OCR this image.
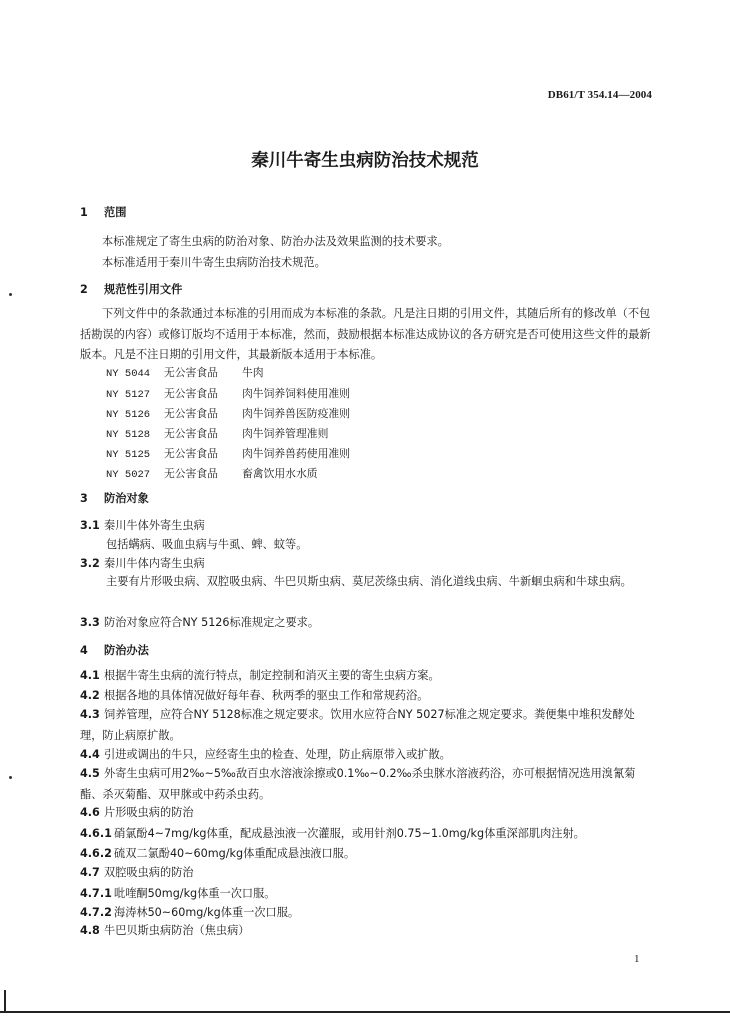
DB61/T 354.14—2004
秦川牛寄生虫病防治技术规范
1 范围
本标准规定了寄生虫病的防治对象、防治办法及效果监测的技术要求。
本标准适用于秦川牛寄生虫病防治技术规范。
2 规范性引用文件
下列文件中的条款通过本标准的引用而成为本标准的条款。凡是注日期的引用文件，其随后所有的修改单（不包括勘误的内容）或修订版均不适用于本标准，然而，鼓励根据本标准达成协议的各方研究是否可使用这些文件的最新版本。凡是不注日期的引用文件，其最新版本适用于本标准。
NY 5044 无公害食品 牛肉
NY 5127 无公害食品 肉牛饲养饲料使用准则
NY 5126 无公害食品 肉牛饲养兽医防疫准则
NY 5128 无公害食品 肉牛饲养管理准则
NY 5125 无公害食品 肉牛饲养兽药使用准则
NY 5027 无公害食品 畜禽饮用水水质
3 防治对象
3.1 秦川牛体外寄生虫病
包括螨病、吸血虫病与牛虱、蜱、蚊等。
3.2 秦川牛体内寄生虫病
主要有片形吸虫病、双腔吸虫病、牛巴贝斯虫病、莫尼茨绦虫病、消化道线虫病、牛新蛔虫病和牛球虫病。
3.3 防治对象应符合NY 5126标准规定之要求。
4 防治办法
4.1 根据牛寄生虫病的流行特点，制定控制和消灭主要的寄生虫病方案。
4.2 根据各地的具体情况做好每年春、秋两季的驱虫工作和常规药浴。
4.3 饲养管理，应符合NY 5128标准之规定要求。饮用水应符合NY 5027标准之规定要求。粪便集中堆积发酵处理，防止病原扩散。
4.4 引进或调出的牛只，应经寄生虫的检查、处理，防止病原带入或扩散。
4.5 外寄生虫病可用2‰~5‰敌百虫水溶液涂擦或0.1‰~0.2‰杀虫脒水溶液药浴，亦可根据情况选用溴氰菊酯、杀灭菊酯、双甲脒或中药杀虫药。
4.6 片形吸虫病的防治
4.6.1 硝氯酚4~7mg/kg体重，配成悬浊液一次灌服，或用针剂0.75~1.0mg/kg体重深部肌肉注射。
4.6.2 硫双二氯酚40~60mg/kg体重配成悬浊液口服。
4.7 双腔吸虫病的防治
4.7.1 吡喹酮50mg/kg体重一次口服。
4.7.2 海涛林50~60mg/kg体重一次口服。
4.8 牛巴贝斯虫病防治（焦虫病）
1
